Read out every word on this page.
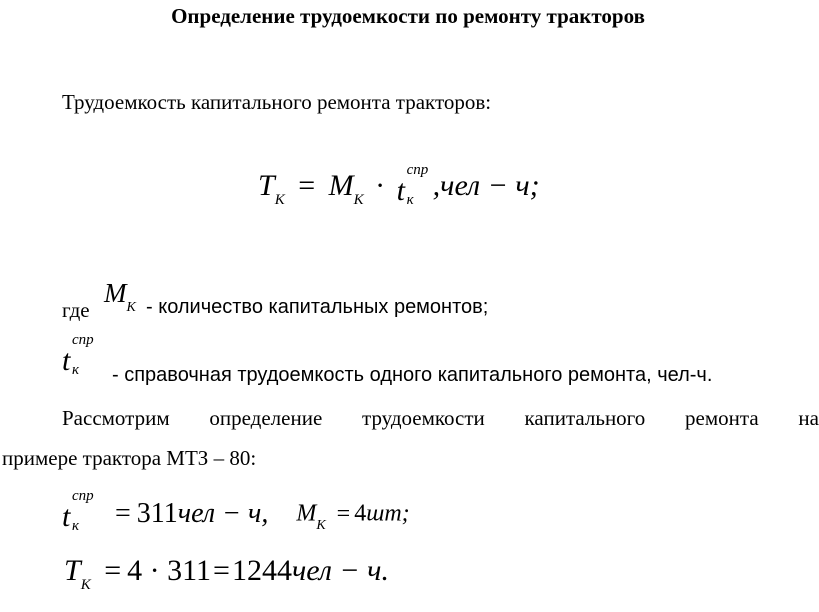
Определение трудоемкости по ремонту тракторов
Трудоемкость капитального ремонта тракторов:
$T_K = M_K \cdot t$
спр
к ,чел − ч;
где
$M_K$ - количество капитальных ремонтов;
t
спр
к - справочная трудоемкость одного капитального ремонта, чел-ч.
Рассмотрим определение трудоемкости капитального ремонта на
примере трактора МТЗ – 80:
t
спр
к = 311чел − ч, $M_K = 4шт$;
$T_K = 4 \cdot 311=1244чел - ч$.
